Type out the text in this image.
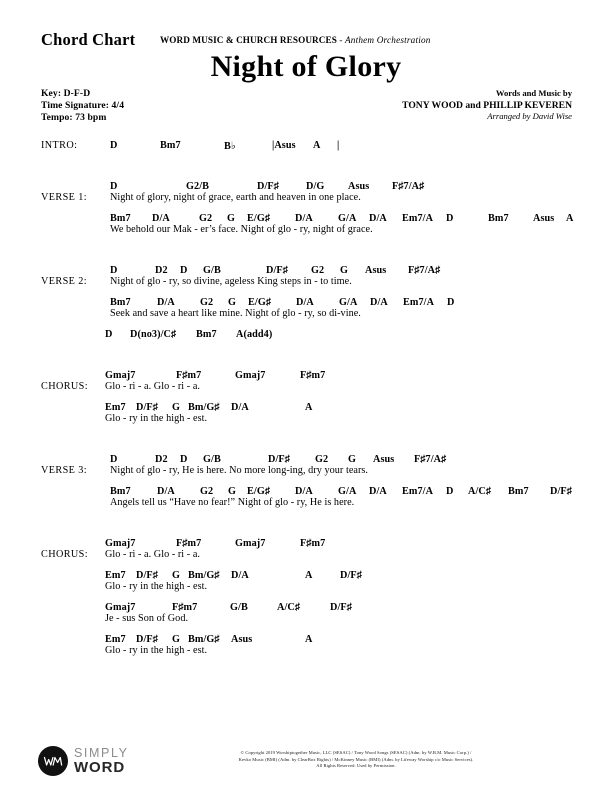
Chord Chart	WORD MUSIC & CHURCH RESOURCES - Anthem Orchestration
Night of Glory
Key: D-F-D
Time Signature: 4/4
Tempo: 73 bpm
Words and Music by
TONY WOOD and PHILLIP KEVEREN
Arranged by David Wise
D	Bm7	B♭	|Asus A |
INTRO:
D	G2/B	D/F♯	D/G Asus F♯7/A♯
Night of glory, night of grace, earth and heaven in one place.
VERSE 1:
Bm7 D/A	G2 G E/G♯ D/A G/A D/A Em7/A D	Bm7 Asus A
We behold our Mak - er’s face. Night of glo - ry, night of grace.
D	D2 D G/B	D/F♯ G2 G Asus F♯7/A♯
Night of glo - ry, so divine, ageless King steps in - to time.
VERSE 2:
Bm7	D/A G2 G E/G♯ D/A G/A D/A Em7/A D
Seek and save a heart like mine. Night of glo - ry, so di-vine.
D D(no3)/C♯ Bm7 A(add4)
Gmaj7	F♯m7	Gmaj7	F♯m7
Glo - ri - a. Glo - ri - a.
CHORUS:
Em7 D/F♯ G Bm/G♯ D/A	A
Glo - ry in the high - est.
D	D2 D G/B	D/F♯ G2 G Asus F♯7/A♯
Night of glo - ry, He is here. No more long-ing, dry your tears.
VERSE 3:
Bm7	D/A G2 G E/G♯ D/A G/A D/A Em7/A D A/C♯ Bm7 D/F♯
Angels tell us “Have no fear!” Night of glo - ry, He is here.
Gmaj7	F♯m7	Gmaj7	F♯m7
Glo - ri - a. Glo - ri - a.
CHORUS:
Em7 D/F♯ G Bm/G♯ D/A	A	D/F♯
Glo - ry in the high - est.
Gmaj7	F♯m7	G/B	A/C♯	D/F♯
Je - sus Son of God.
Em7 D/F♯ G Bm/G♯ Asus	A
Glo - ry in the high - est.
SIMPLY
WORD
© Copyright 2019 Worshiptogether Music, LLC (SESAC) / Tony Wood Songs (SESAC) (Adm. by W.B.M. Music Corp.) /
Kevko Music (BMI) (Adm. by ClearBox Rights) / McKinney Music (BMI) (Adm. by Lifeway Worship c/o Music Services).
All Rights Reserved. Used by Permission.
